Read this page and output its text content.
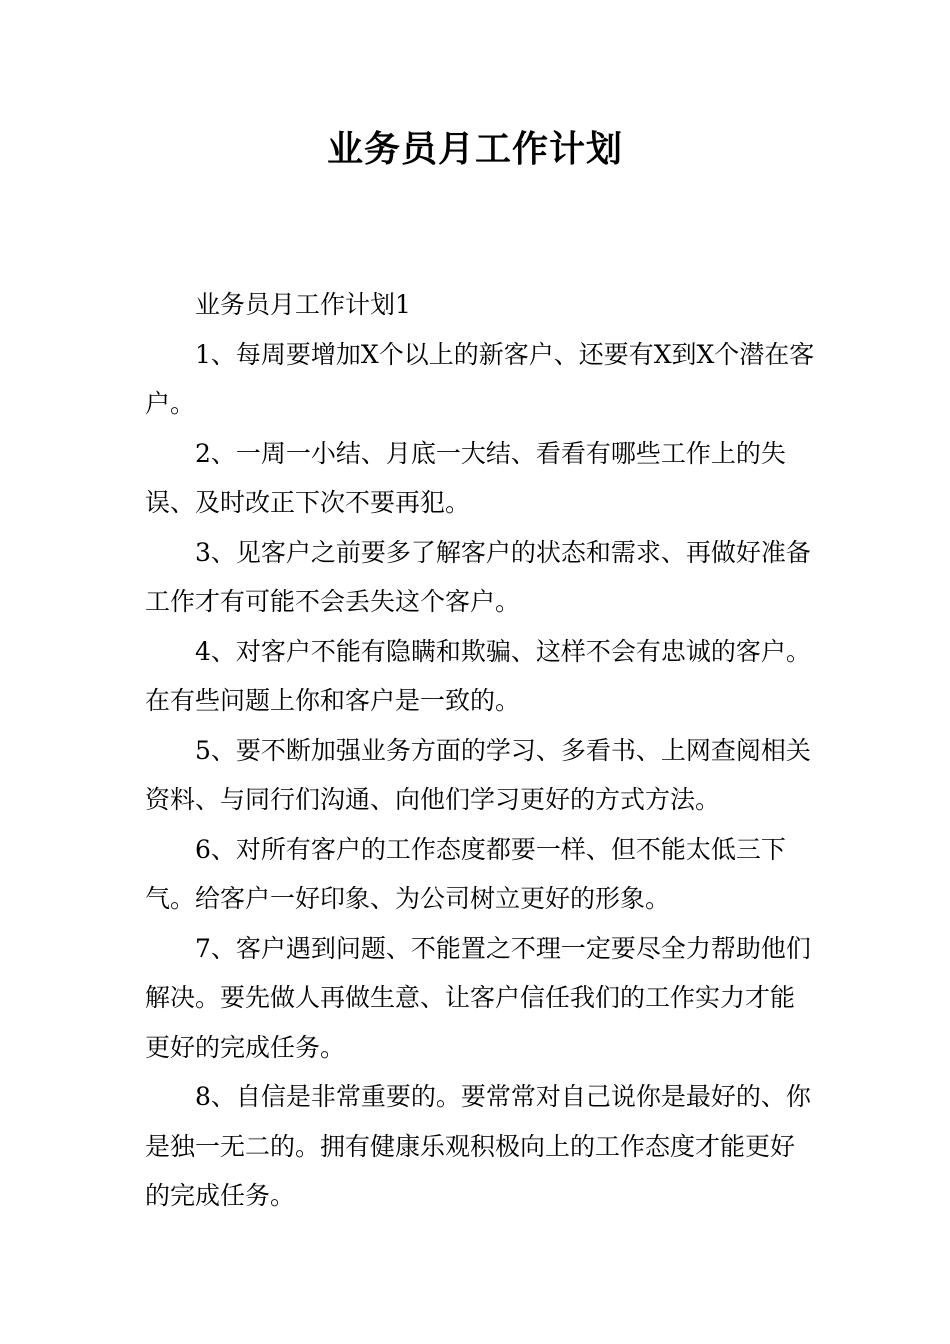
业务员月工作计划

业务员月工作计划1

1、每周要增加X个以上的新客户、还要有X到X个潜在客户。

2、一周一小结、月底一大结、看看有哪些工作上的失误、及时改正下次不要再犯。

3、见客户之前要多了解客户的状态和需求、再做好准备工作才有可能不会丢失这个客户。

4、对客户不能有隐瞒和欺骗、这样不会有忠诚的客户。在有些问题上你和客户是一致的。

5、要不断加强业务方面的学习、多看书、上网查阅相关资料、与同行们沟通、向他们学习更好的方式方法。

6、对所有客户的工作态度都要一样、但不能太低三下气。给客户一好印象、为公司树立更好的形象。

7、客户遇到问题、不能置之不理一定要尽全力帮助他们解决。要先做人再做生意、让客户信任我们的工作实力才能更好的完成任务。

8、自信是非常重要的。要常常对自己说你是最好的、你是独一无二的。拥有健康乐观积极向上的工作态度才能更好的完成任务。
